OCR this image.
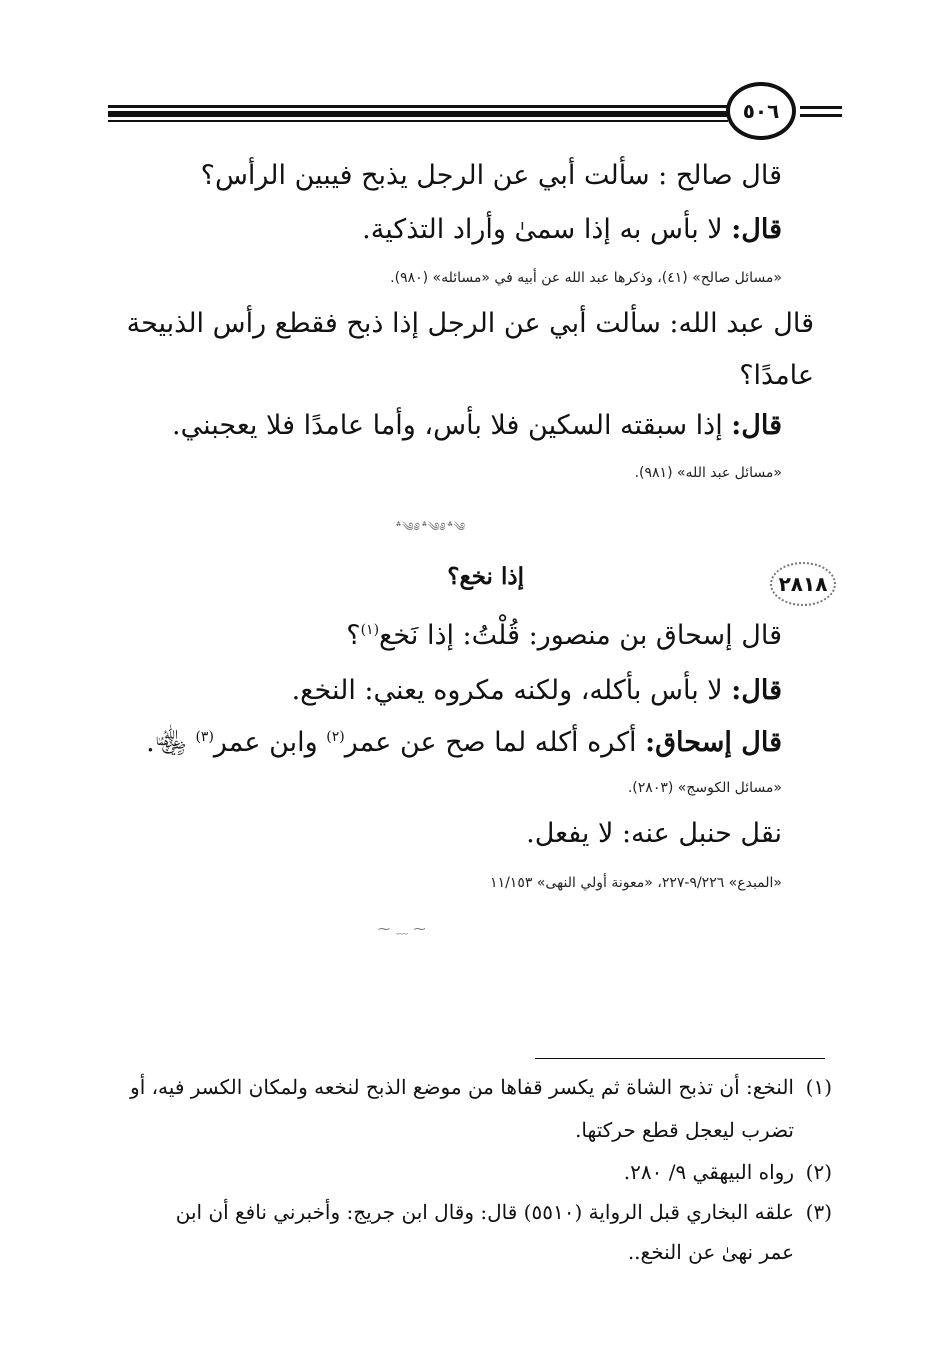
٥٠٦
قال صالح : سألت أبي عن الرجل يذبح فيبين الرأس؟
قال: لا بأس به إذا سمىٰ وأراد التذكية.
«مسائل صالح» (٤١)، وذكرها عبد الله عن أبيه في «مسائله» (٩٨٠).
قال عبد الله: سألت أبي عن الرجل إذا ذبح فقطع رأس الذبيحة
عامدًا؟
قال: إذا سبقته السكين فلا بأس، وأما عامدًا فلا يعجبني.
«مسائل عبد الله» (٩٨١).
؞༄༅؞༄༅؞༄
٢٨١٨
إذا نخع؟
قال إسحاق بن منصور: قُلْتُ: إذا نَخع$^{(١)}$؟
قال: لا بأس بأكله، ولكنه مكروه يعني: النخع.
قال إسحاق: أكره أكله لما صح عن عمر$^{(٢)}$ وابن عمر$^{(٣)}$ ﵄.
«مسائل الكوسج» (٢٨٠٣).
نقل حنبل عنه: لا يفعل.
«المبدع» ٩/٢٢٦-٢٢٧، «معونة أولي النهى» ١١/١٥٣
⁓ ﹏ ⁓
(١)النخع: أن تذبح الشاة ثم يكسر قفاها من موضع الذبح لنخعه ولمكان الكسر فيه، أو
تضرب ليعجل قطع حركتها.
(٢)رواه البيهقي ٩/ ٢٨٠.
(٣)علقه البخاري قبل الرواية (٥٥١٠) قال: وقال ابن جريج: وأخبرني نافع أن ابن
عمر نهىٰ عن النخع..
